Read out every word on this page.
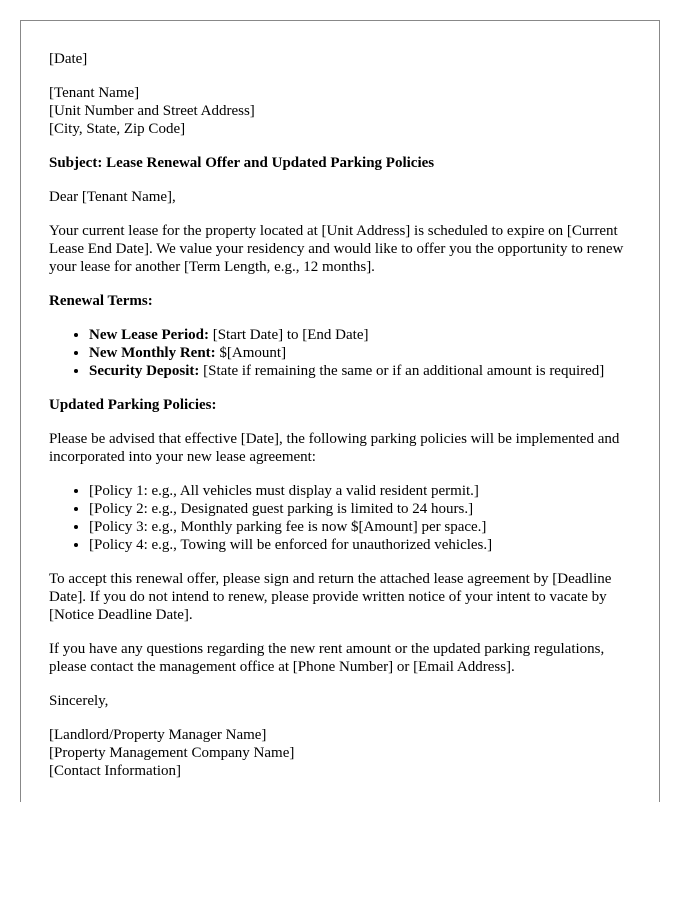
[Date]

[Tenant Name]
[Unit Number and Street Address]
[City, State, Zip Code]

Subject: Lease Renewal Offer and Updated Parking Policies

Dear [Tenant Name],

Your current lease for the property located at [Unit Address] is scheduled to expire on [Current Lease End Date]. We value your residency and would like to offer you the opportunity to renew your lease for another [Term Length, e.g., 12 months].

Renewal Terms:

• New Lease Period: [Start Date] to [End Date]
• New Monthly Rent: $[Amount]
• Security Deposit: [State if remaining the same or if an additional amount is required]

Updated Parking Policies:

Please be advised that effective [Date], the following parking policies will be implemented and incorporated into your new lease agreement:

• [Policy 1: e.g., All vehicles must display a valid resident permit.]
• [Policy 2: e.g., Designated guest parking is limited to 24 hours.]
• [Policy 3: e.g., Monthly parking fee is now $[Amount] per space.]
• [Policy 4: e.g., Towing will be enforced for unauthorized vehicles.]

To accept this renewal offer, please sign and return the attached lease agreement by [Deadline Date]. If you do not intend to renew, please provide written notice of your intent to vacate by [Notice Deadline Date].

If you have any questions regarding the new rent amount or the updated parking regulations, please contact the management office at [Phone Number] or [Email Address].

Sincerely,

[Landlord/Property Manager Name]
[Property Management Company Name]
[Contact Information]
